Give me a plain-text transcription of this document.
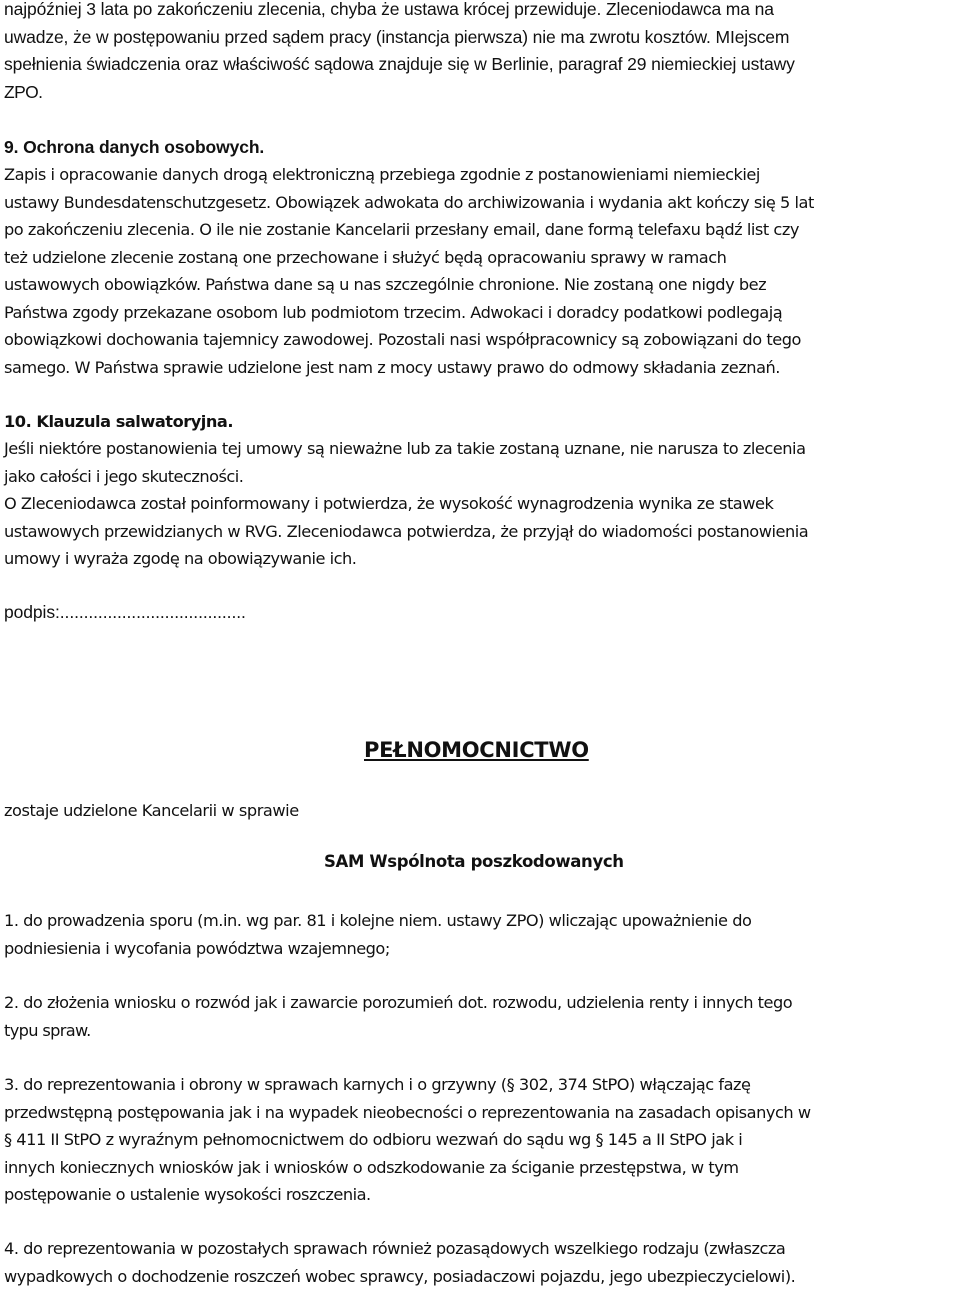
najpóźniej 3 lata po zakończeniu zlecenia, chyba że ustawa krócej przewiduje. Zleceniodawca ma na
uwadze, że w postępowaniu przed sądem pracy (instancja pierwsza) nie ma zwrotu kosztów. MIejscem
spełnienia świadczenia oraz właściwość sądowa znajduje się w Berlinie, paragraf 29 niemieckiej ustawy
ZPO.
9. Ochrona danych osobowych.
Zapis i opracowanie danych drogą elektroniczną przebiega zgodnie z postanowieniami niemieckiej
ustawy Bundesdatenschutzgesetz. Obowiązek adwokata do archiwizowania i wydania akt kończy się 5 lat
po zakończeniu zlecenia. O ile nie zostanie Kancelarii przesłany email, dane formą telefaxu bądź list czy
też udzielone zlecenie zostaną one przechowane i służyć będą opracowaniu sprawy w ramach
ustawowych obowiązków. Państwa dane są u nas szczególnie chronione. Nie zostaną one nigdy bez
Państwa zgody przekazane osobom lub podmiotom trzecim. Adwokaci i doradcy podatkowi podlegają
obowiązkowi dochowania tajemnicy zawodowej. Pozostali nasi współpracownicy są zobowiązani do tego
samego. W Państwa sprawie udzielone jest nam z mocy ustawy prawo do odmowy składania zeznań.
10. Klauzula salwatoryjna.
Jeśli niektóre postanowienia tej umowy są nieważne lub za takie zostaną uznane, nie narusza to zlecenia
jako całości i jego skuteczności.
O Zleceniodawca został poinformowany i potwierdza, że wysokość wynagrodzenia wynika ze stawek
ustawowych przewidzianych w RVG. Zleceniodawca potwierdza, że przyjął do wiadomości postanowienia
umowy i wyraża zgodę na obowiązywanie ich.
podpis:.......................................
PEŁNOMOCNICTWO
zostaje udzielone Kancelarii w sprawie
SAM Wspólnota poszkodowanych
1. do prowadzenia sporu (m.in. wg par. 81 i kolejne niem. ustawy ZPO) wliczając upoważnienie do
podniesienia i wycofania powództwa wzajemnego;
2. do złożenia wniosku o rozwód jak i zawarcie porozumień dot. rozwodu, udzielenia renty i innych tego
typu spraw.
3. do reprezentowania i obrony w sprawach karnych i o grzywny (§ 302, 374 StPO) włączając fazę
przedwstępną postępowania jak i na wypadek nieobecności o reprezentowania na zasadach opisanych w
§ 411 II StPO z wyraźnym pełnomocnictwem do odbioru wezwań do sądu wg § 145 a II StPO jak i
innych koniecznych wniosków jak i wniosków o odszkodowanie za ściganie przestępstwa, w tym
postępowanie o ustalenie wysokości roszczenia.
4. do reprezentowania w pozostałych sprawach również pozasądowych wszelkiego rodzaju (zwłaszcza
wypadkowych o dochodzenie roszczeń wobec sprawcy, posiadaczowi pojazdu, jego ubezpieczycielowi).
